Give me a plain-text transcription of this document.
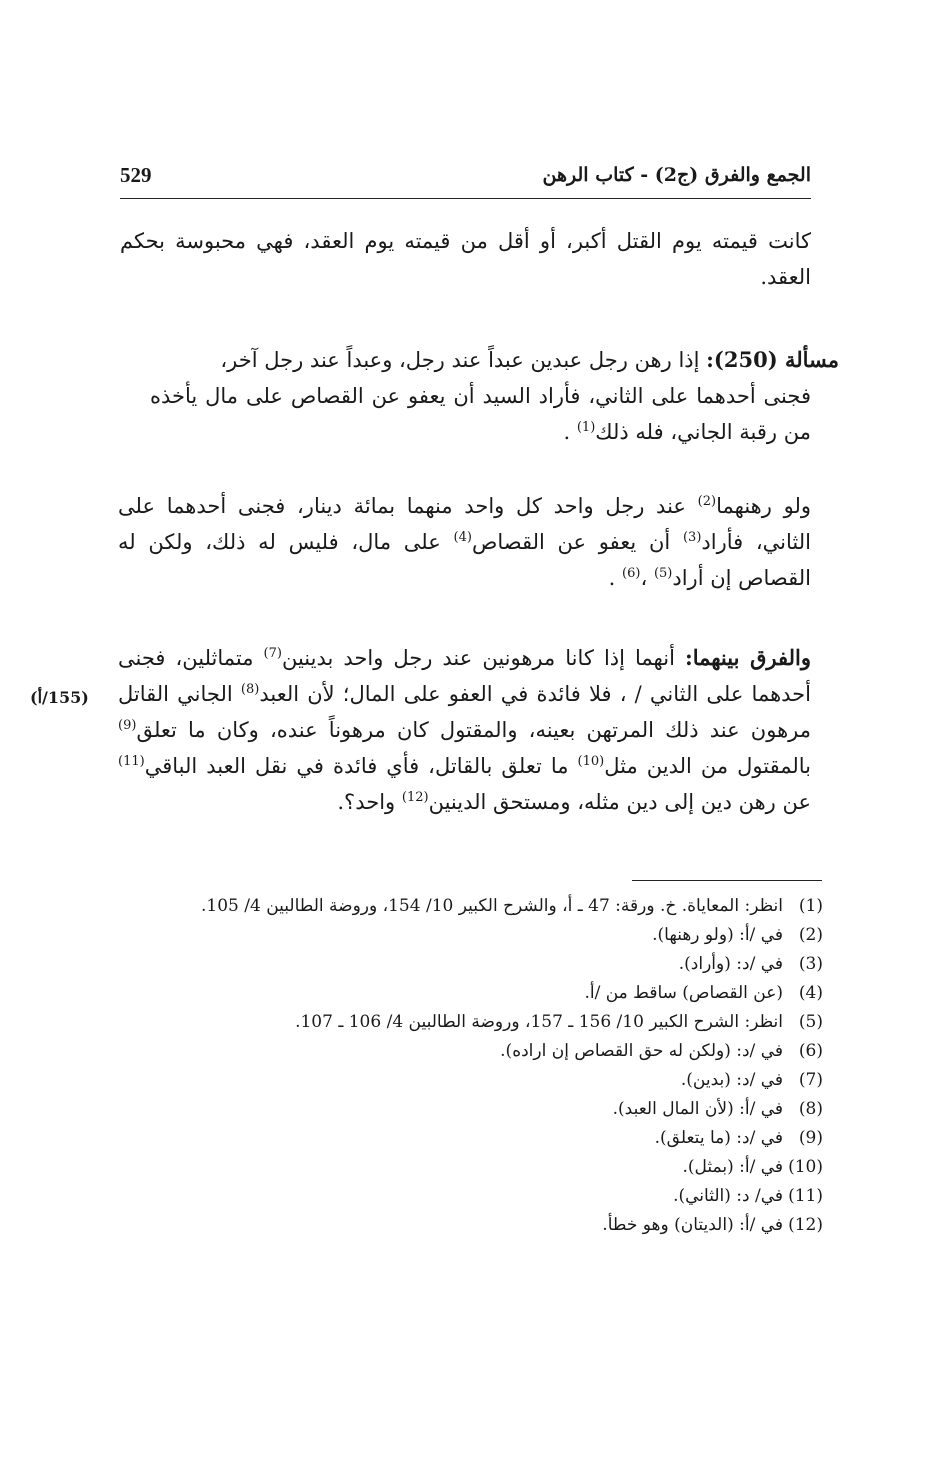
الجمع والفرق (ج2) - كتاب الرهن
529

كانت قيمته يوم القتل أكبر، أو أقل من قيمته يوم العقد، فهي محبوسة بحكم العقد.

مسألة (250): إذا رهن رجل عبدين عبداً عند رجل، وعبداً عند رجل آخر،

فجنى أحدهما على الثاني، فأراد السيد أن يعفو عن القصاص على مال يأخذه من رقبة الجاني، فله ذلك$^{(1)}$ .

ولو رهنهما$^{(2)}$ عند رجل واحد كل واحد منهما بمائة دينار، فجنى أحدهما على الثاني، فأراد$^{(3)}$ أن يعفو عن القصاص$^{(4)}$ على مال، فليس له ذلك، ولكن له القصاص إن أراد$^{(5)}$ ،$^{(6)}$ .

والفرق بينهما: أنهما إذا كانا مرهونين عند رجل واحد بدينين$^{(7)}$ متماثلين، فجنى أحدهما على الثاني / ، فلا فائدة في العفو على المال؛ لأن العبد$^{(8)}$ الجاني القاتل مرهون عند ذلك المرتهن بعينه، والمقتول كان مرهوناً عنده، وكان ما تعلق$^{(9)}$ بالمقتول من الدين مثل$^{(10)}$ ما تعلق بالقاتل، فأي فائدة في نقل العبد الباقي$^{(11)}$ عن رهن دين إلى دين مثله، ومستحق الدينين$^{(12)}$ واحد؟.

(155/أ)
(1)
انظر: المعاياة. خ. ورقة: 47 ـ أ، والشرح الكبير 10/ 154، وروضة الطالبين 4/ 105.
(2)
في /أ: (ولو رهنها).
(3)
في /د: (وأراد).
(4)
(عن القصاص) ساقط من /أ.
(5)
انظر: الشرح الكبير 10/ 156 ـ 157، وروضة الطالبين 4/ 106 ـ 107.
(6)
في /د: (ولكن له حق القصاص إن اراده).
(7)
في /د: (بدين).
(8)
في /أ: (لأن المال العبد).
(9)
في /د: (ما يتعلق).
(10)
في /أ: (بمثل).
(11)
في/ د: (الثاني).
(12)
في /أ: (الديتان) وهو خطأ.
